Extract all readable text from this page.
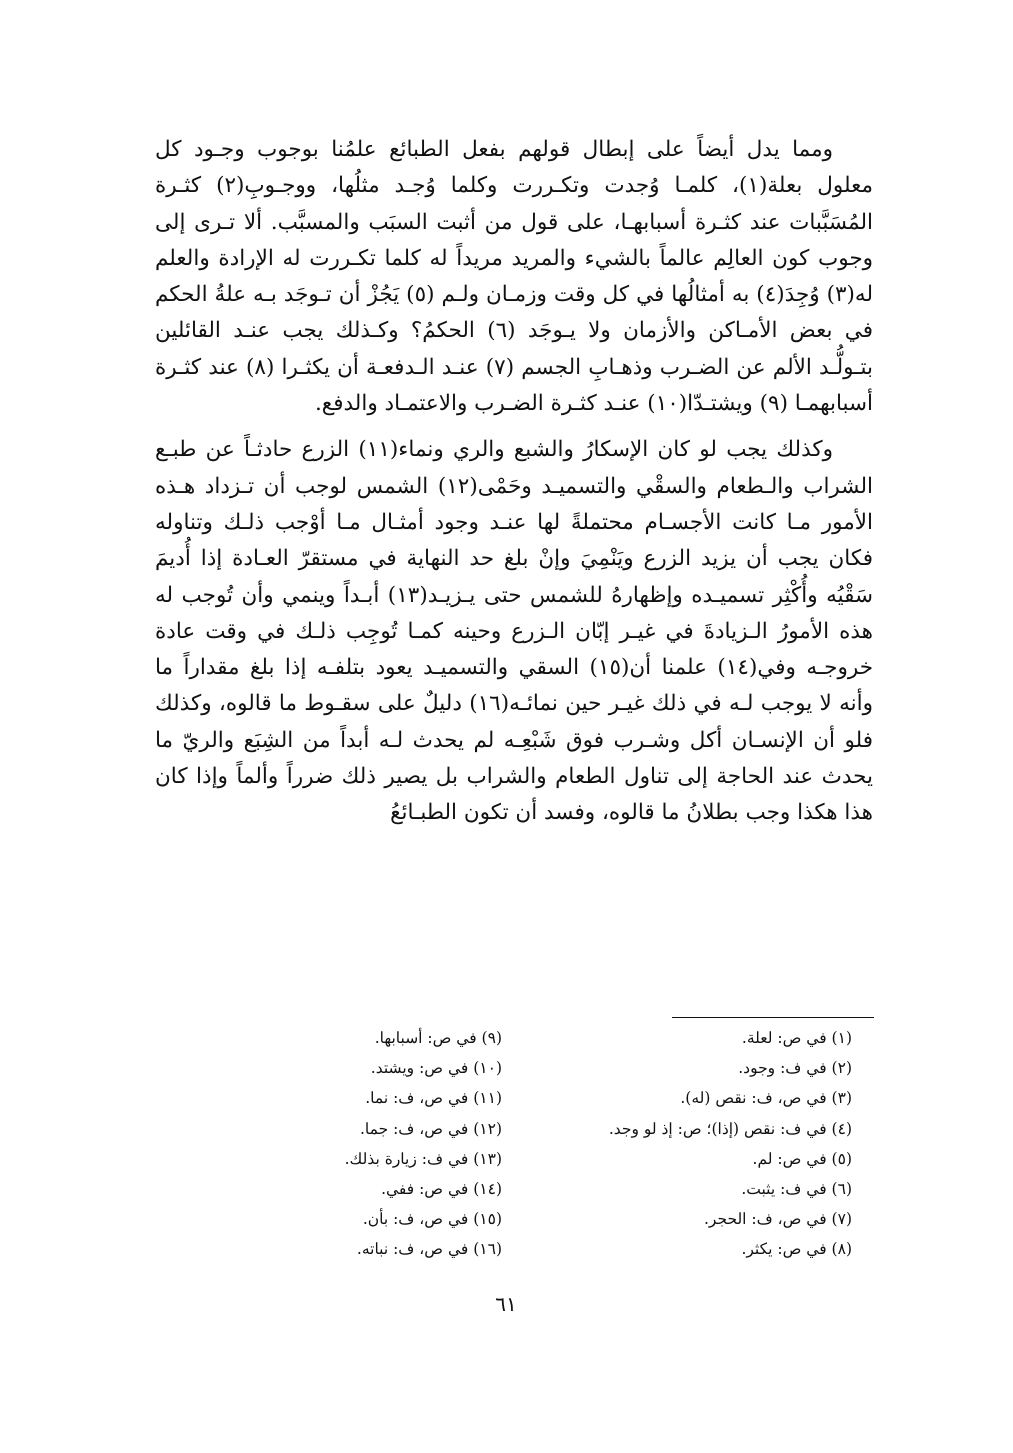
ومما يدل أيضاً على إبطال قولهم بفعل الطبائع علمُنا بوجوب وجـود كل معلول بعلة(١)، كلمـا وُجدت وتكـررت وكلما وُجـد مثلُها، ووجـوبِ(٢) كثـرة المُسَبَّبات عند كثـرة أسبابهـا، على قول من أثبت السبَب والمسبَّب. ألا تـرى إلى وجوب كون العالِم عالماً بالشيء والمريد مريداً له كلما تكـررت له الإرادة والعلم له(٣) وُجِدَ(٤) به أمثالُها في كل وقت وزمـان ولـم (٥) يَجُزْ أن تـوجَد بـه علةُ الحكم في بعض الأمـاكن والأزمان ولا يـوجَد (٦) الحكمُ؟ وكـذلك يجب عنـد القائلين بتـولُّـد الألم عن الضـرب وذهـابِ الجسم (٧) عنـد الـدفعـة أن يكثـرا (٨) عند كثـرة أسبابهمـا (٩) ويشتـدّا(١٠) عنـد كثـرة الضـرب والاعتمـاد والدفع.

وكذلك يجب لو كان الإسكارُ والشبع والري ونماء(١١) الزرع حادثـاً عن طبـع الشراب والـطعام والسقْي والتسميـد وحَمْى(١٢) الشمس لوجب أن تـزداد هـذه الأمور مـا كانت الأجسـام محتملةً لها عنـد وجود أمثـال مـا أوْجب ذلـك وتناوله فكان يجب أن يزيد الزرع ويَنْمِيَ وإنْ بلغ حد النهاية في مستقرّ العـادة إذا أُديمَ سَقْيُه وأُكْثِر تسميـده وإظهارهُ للشمس حتى يـزيـد(١٣) أبـداً وينمي وأن تُوجب له هذه الأمورُ الـزيادةَ في غيـر إبّان الـزرع وحينه كمـا تُوجِب ذلـك في وقت عادة خروجـه وفي(١٤) علمنا أن(١٥) السقي والتسميـد يعود بتلفـه إذا بلغ مقداراً ما وأنه لا يوجب لـه في ذلك غيـر حين نمائـه(١٦) دليلٌ على سقـوط ما قالوه، وكذلك فلو أن الإنسـان أكل وشـرب فوق شَبْعِـه لم يحدث لـه أبداً من الشِبَع والريّ ما يحدث عند الحاجة إلى تناول الطعام والشراب بل يصير ذلك ضرراً وألماً وإذا كان هذا هكذا وجب بطلانُ ما قالوه، وفسد أن تكون الطبـائعُ

(١) في ص: لعلة.
(٢) في ف: وجود.
(٣) في ص، ف: نقص (له).
(٤) في ف: نقص (إذا)؛ ص: إذ لو وجد.
(٥) في ص: لم.
(٦) في ف: يثبت.
(٧) في ص، ف: الحجر.
(٨) في ص: يكثر.
(٩) في ص: أسبابها.
(١٠) في ص: ويشتد.
(١١) في ص، ف: نما.
(١٢) في ص، ف: جما.
(١٣) في ف: زيارة بذلك.
(١٤) في ص: ففي.
(١٥) في ص، ف: بأن.
(١٦) في ص، ف: نباته.
٦١
